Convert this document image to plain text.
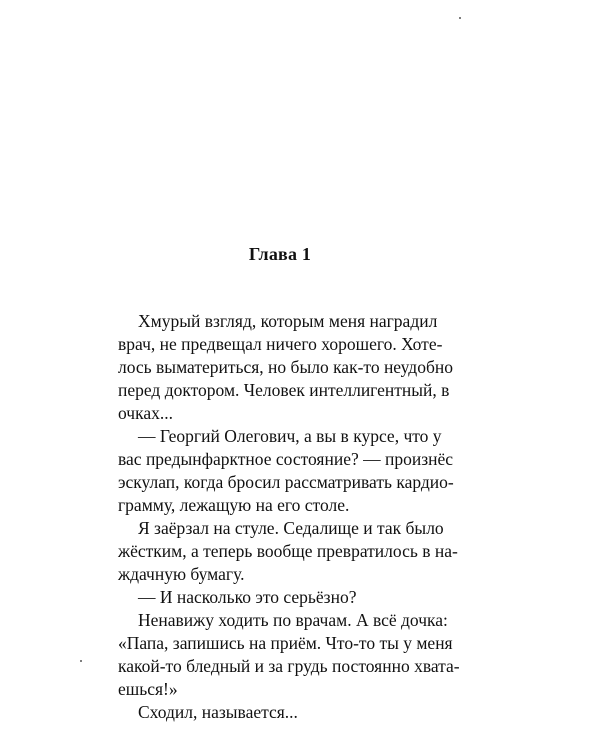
Глава 1

Хмурый взгляд, которым меня наградил

врач, не предвещал ничего хорошего. Хоте-

лось выматериться, но было как-то неудобно

перед доктором. Человек интеллигентный, в

очках...

— Георгий Олегович, а вы в курсе, что у

вас предынфарктное состояние? — произнёс

эскулап, когда бросил рассматривать кардио-

грамму, лежащую на его столе.

Я заёрзал на стуле. Седалище и так было

жёстким, а теперь вообще превратилось в на-

ждачную бумагу.

— И насколько это серьёзно?

Ненавижу ходить по врачам. А всё дочка:

«Папа, запишись на приём. Что-то ты у меня

какой-то бледный и за грудь постоянно хвата-

ешься!»

Сходил, называется...
